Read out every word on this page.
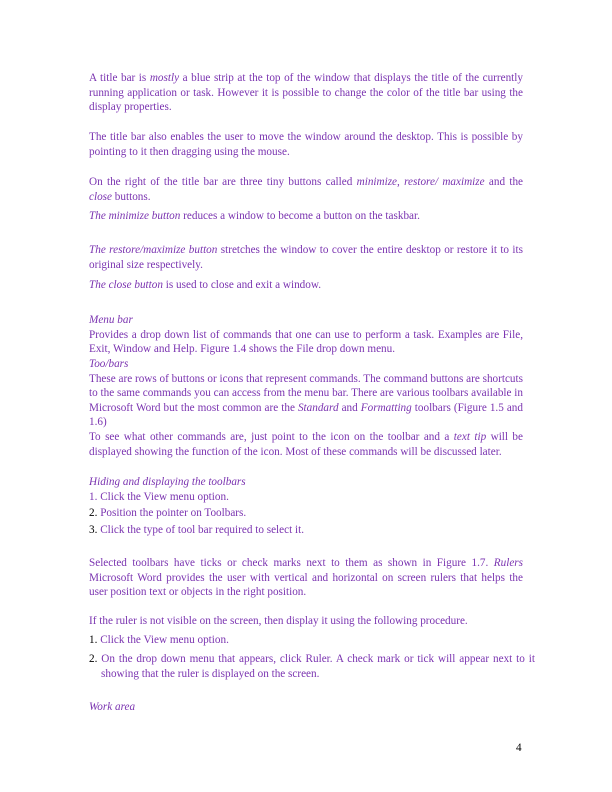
A title bar is mostly a blue strip at the top of the window that displays the title of the currently running application or task. However it is possible to change the color of the title bar using the display properties.

The title bar also enables the user to move the window around the desktop. This is possible by pointing to it then dragging using the mouse.

On the right of the title bar are three tiny buttons called minimize, restore/ maximize and the close buttons.

The minimize button reduces a window to become a button on the taskbar.

The restore/maximize button stretches the window to cover the entire desktop or restore it to its original size respectively.

The close button is used to close and exit a window.

Menu bar
Provides a drop down list of commands that one can use to perform a task. Examples are File, Exit, Window and Help. Figure 1.4 shows the File drop down menu.

Too/bars
These are rows of buttons or icons that represent commands. The command buttons are shortcuts to the same commands you can access from the menu bar. There are various toolbars available in Microsoft Word but the most common are the Standard and Formatting toolbars (Figure 1.5 and 1.6)

To see what other commands are, just point to the icon on the toolbar and a text tip will be displayed showing the function of the icon. Most of these commands will be discussed later.

Hiding and displaying the toolbars
1. Click the View menu option.

2. Position the pointer on Toolbars.

3. Click the type of tool bar required to select it.

Selected toolbars have ticks or check marks next to them as shown in Figure 1.7. Rulers Microsoft Word provides the user with vertical and horizontal on screen rulers that helps the user position text or objects in the right position.

If the ruler is not visible on the screen, then display it using the following procedure.

1. Click the View menu option.

2. On the drop down menu that appears, click Ruler. A check mark or tick will appear next to it showing that the ruler is displayed on the screen.

Work area

4
